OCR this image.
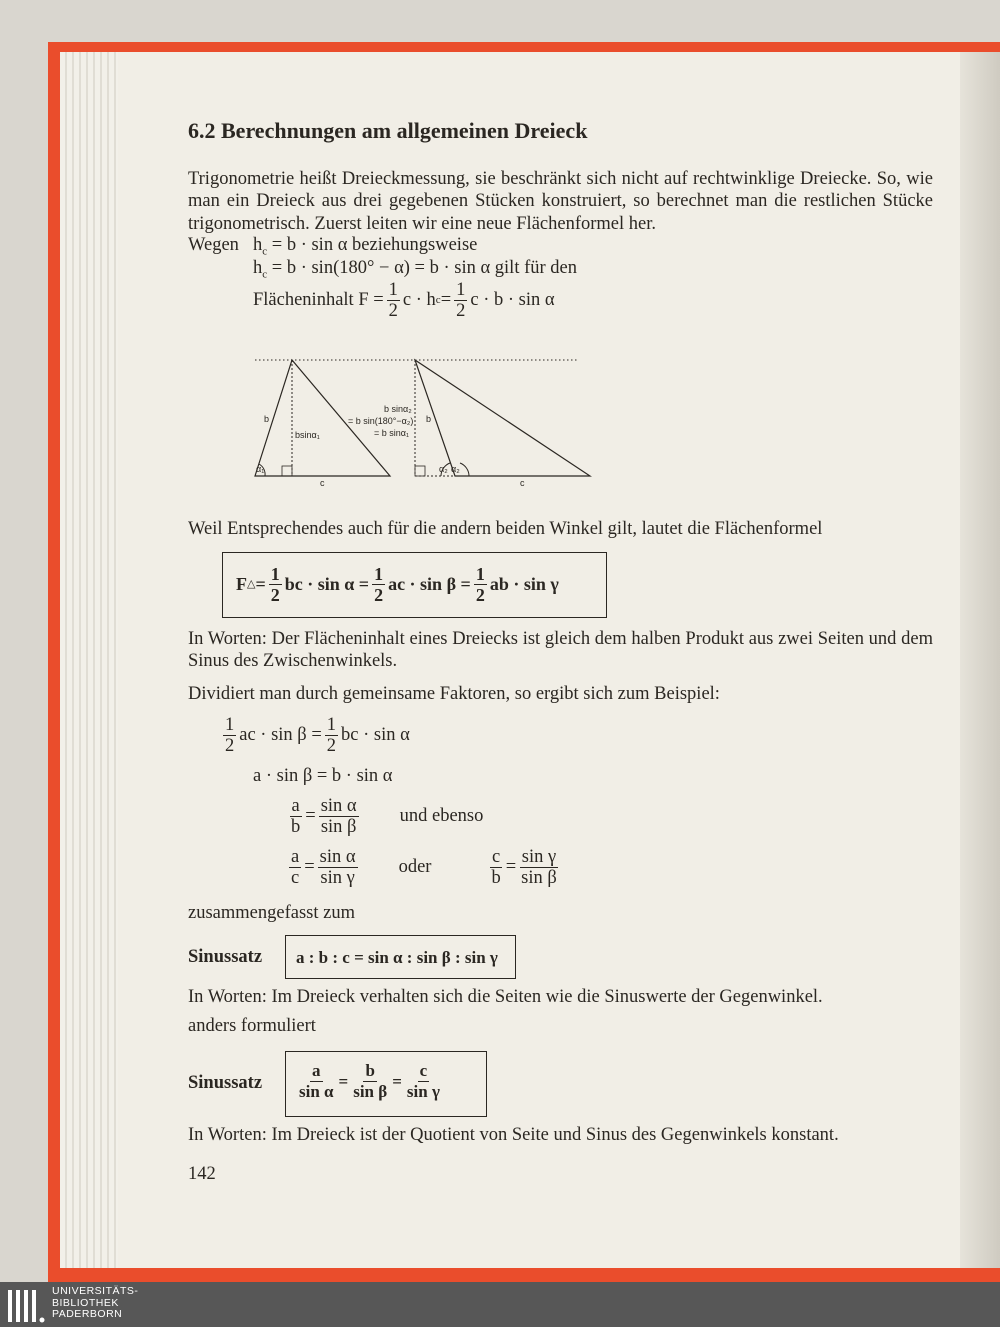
6.2 Berechnungen am allgemeinen Dreieck
Trigonometrie heißt Dreieckmessung, sie beschränkt sich nicht auf rechtwinklige Dreiecke. So, wie man ein Dreieck aus drei gegebenen Stücken konstruiert, so berechnet man die restlichen Stücke trigonometrisch. Zuerst leiten wir eine neue Flächenformel her.
Wegen $h_c = b \cdot \sin \alpha$ beziehungsweise
$h_c = b \cdot \sin(180^\circ - \alpha) = b \cdot \sin \alpha$ gilt für den
Flächeninhalt $F = \frac{1}{2}$ c · h $c = \frac{1}{2}$ c · b · sin α
b
bsinα₁
c
α₁
b
b sinα₂
= b sin(180°−α₂)
= b sinα₁
c
α₂ α₂
Weil Entsprechendes auch für die andern beiden Winkel gilt, lautet die Flächenformel
F △ = $\frac{1}{2}$ bc · $\sin \alpha = \frac{1}{2}$ ac · $\sin \beta = \frac{1}{2}$ ab · sin γ
In Worten: Der Flächeninhalt eines Dreiecks ist gleich dem halben Produkt aus zwei Seiten und dem Sinus des Zwischenwinkels.
Dividiert man durch gemeinsame Faktoren, so ergibt sich zum Beispiel:
$\frac{1}{2}$ ac · $\sin \beta = \frac{1}{2}$ bc · sin α
a · sin β = b · sin α
$\frac{a}{b} = \frac{\text{sin α}}{\text{sin β}}$ und ebenso
$\frac{a}{c} = \frac{\text{sin α}}{\text{sin γ}}$ oder	$\frac{c}{b} = \frac{\text{sin γ}}{\text{sin β}}$
zusammengefasst zum
Sinussatz a : b : c = sin α : sin β : sin γ
In Worten: Im Dreieck verhalten sich die Seiten wie die Sinuswerte der Gegenwinkel.
anders formuliert
Sinussatz $\frac{a}{\text{sin α}} = \frac{b}{\text{sin β}} = \frac{c}{\text{sin γ}}$
In Worten: Im Dreieck ist der Quotient von Seite und Sinus des Gegenwinkels konstant.
142
UNIVERSITÄTS-
BIBLIOTHEK
PADERBORN
